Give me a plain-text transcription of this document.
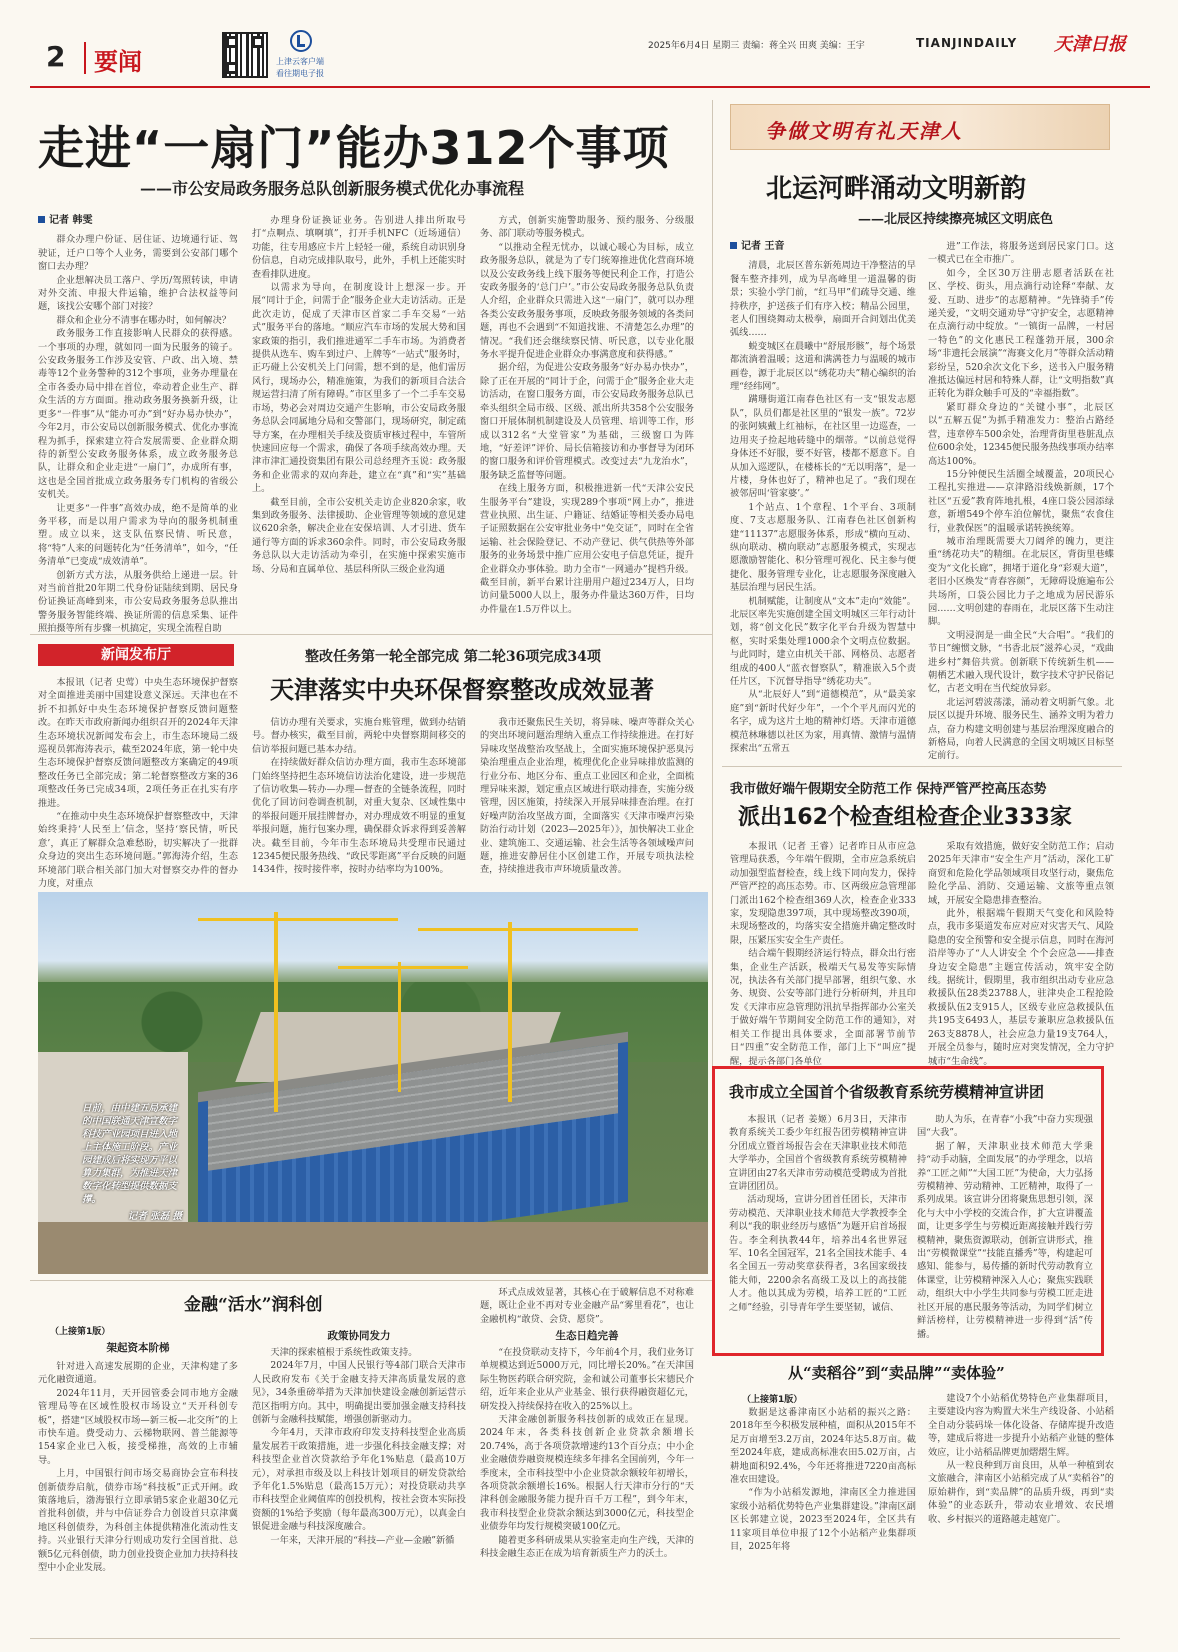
2 要闻	上津云客户端
看往期电子报
2025年6月4日 星期三 责编：蒋全兴 田爽 美编：王宇	TIANJINDAILY 天津日报
走进“一扇门”能办312个事项
——市公安局政务服务总队创新服务模式优化办事流程
记者 韩雯

群众办理户份证、居住证、边境通行证、驾驶证，迁户口等个人业务，需要到公安部门哪个窗口去办理？

企业想解决员工落户、学历/驾照转读，申请对外交流、申报大件运输，维护合法权益等问题，该找公安哪个部门对接？

群众和企业分不清事在哪办时，如何解决？

政务服务工作直接影响人民群众的获得感。一个事项的办理，就如同一面为民服务的镜子。公安政务服务工作涉及安管、户政、出入境、禁毒等12个业务警种的312个事项，业务办理量在全市各委办局中排在首位，牵动着企业生产、群众生活的方方面面。推动政务服务换新升级，让更多“一件事”从“能办可办”到“好办易办快办”，今年2月，市公安局以创新服务模式、优化办事流程为抓手，探索建立符合发展需要、企业群众期待的新型公安政务服务体系，成立政务服务总队，让群众和企业走进“一扇门”，办成所有事，这也是全国首批成立政务服务专门机构的省级公安机关。

让更多“一件事”高效办成，绝不是简单的业务平移，而是以用户需求为导向的服务机制重塑。成立以来，这支队伍察民情、听民意，将“特”人来的问题转化为“任务清单”，如今，“任务清单”已变成“成效清单”。

创新方式方法，从服务供给上递进一层。针对当前首批20年期二代身份证陆续到期、居民身份证换证高峰到来，市公安局政务服务总队推出警务服务智能终端、换证所需的信息采集、证件照拍摄等所有步骤一机搞定，实现全流程自助

办理身份证换证业务。告别进人排出所取号打“点啊点、填啊填”，打开手机NFC（近场通信）功能，往专用感应卡片上轻轻一碰，系统自动识别身份信息，自动完成排队取号，此外，手机上还能实时查看排队进度。

以需求为导向，在制度设计上想深一步。开展“同计于企，问需于企”服务企业大走访活动。正是此次走访，促成了天津市区首家二手车交易“一站式”服务平台的落地。“顺应汽车市场的发展大势和国家政策的指引，我们推进通军二手车市场。为消费者提供从选车、购车到过户、上牌等“一站式”服务时，正巧碰上公安机关上门问需，想不到的是，他们雷厉风行，现场办公，精准施策，为我们的新项目合法合规运营扫清了所有障碍。”市区里多了一个二手车交易市场，势必会对周边交通产生影响，市公安局政务服务总队会同属地分局和交警部门，现场研究，制定疏导方案，在办理相关手续及资质审核过程中，车管所快速回应每一个需求，确保了各项手续高效办理。天津市津汇通投资集团有限公司总经理齐玉说：政务服务和企业需求的双向奔赴，建立在“真”和“实”基础上。

截至目前，全市公安机关走访企业820余家，收集到政务服务、法律援助、企业管理等领域的意见建议620余条，解决企业在安保培训、人才引进、货车通行等方面的诉求360余件。同时，市公安局政务服务总队以大走访活动为牵引，在实施中探索实施市场、分局和直属单位、基层科所队三级企业沟通

方式，创新实施警助服务、预约服务、分级服务、部门联动等服务模式。

“以推动全程无忧办，以诚心暖心为目标，成立政务服务总队，就是为了专门统筹推进优化营商环境以及公安政务线上线下服务等便民利企工作，打造公安政务服务的‘总门户’。”市公安局政务服务总队负责人介绍，企业群众只需进入这“一扇门”，就可以办理各类公安政务服务事项，反映政务服务领域的各类问题，再也不会遇到“不知道找谁、不清楚怎么办理”的情况。“我们还会继续察民情、听民意，以专业化服务水平提升促进企业群众办事满意度和获得感。”

据介绍，为促进公安政务服务“好办易办快办”，除了正在开展的“同计于企，问需于企”服务企业大走访活动，在窗口服务方面，市公安局政务服务总队已牵头组织全局市级、区级、派出所共358个公安服务窗口开展体制机制建设及人员管理、培训等工作，形成以312名“大堂管家”为基础，三级窗口为阵地，“好差评”评价、局长信箱接访和办事督导为闭环的窗口服务和评价管理模式。改变过去“九龙治水”，服务缺乏监督等问题。

在线上服务方面，积极推进新一代“天津公安民生服务平台”建设，实现289个事项“网上办”，推进营业执照、出生证、户籍证、结婚证等相关委办局电子证照数据在公安审批业务中“免交证”，同时在全省运输、社会保险登记、不动产登记、供气供热等外部服务的业务场景中推广应用公安电子信息凭证，提升企业群众办事体验。助力全市“一网通办”提档升级。截至目前，新平台累计注册用户超过234万人，日均访问量5000人以上，服务办件量达360万件，日均办件量在1.5万件以上。

争做文明有礼天津人
北运河畔涌动文明新韵
——北辰区持续擦亮城区文明底色
记者 王音

清晨，北辰区普东新苑周边干净整洁的早餐车整齐排列，成为早高峰里一道温馨的街景；实验小学门前，“红马甲”们疏导交通、维持秩序，护送孩子们有序入校；精品公园里，老人们围绕舞动太极拳，扇面开合间划出优美弧线……

蜕变城区在晨曦中“舒展形骸”，每个场景都流淌着温暖；这道和满满苍力与温暖的城市画卷，源于北辰区以“绣花功夫”精心编织的治理“经纬网”。

蹒珊街道江南春色社区有一支“银发志愿队”，队员们都是社区里的“银发一族”。72岁的张阿姨戴上红袖标，在社区里一边巡查，一边用夹子捡起地砖缝中的烟蒂。“以前总觉得身体还不好服，要不好管，楼都不愿意下。自从加入巡逻队，在楼栋长的“无以明落”，是一片楼，身体也好了，精神也足了。“我们现在被邻居叫‘管家婆’。”

1个站点、1个章程、1个平台、3项制度、7支志愿服务队、江南春色社区创新构建“11137”志愿服务体系，形成“横向互动、纵向联动、横向联动”志愿服务模式，实现志愿激励智能化、积分管理可视化、民主参与便捷化、服务管理专业化，让志愿服务深度融入基层治理与居民生活。

机制赋能，让制度从“文本”走向“效能”。北辰区率先实施创建全国文明城区三年行动计划，将“创文化民”数字化平台升级为智慧中枢，实时采集处理1000余个文明点位数据。与此同时，建立由机关干部、网格员、志愿者组成的400人“蓝衣督察队”，精准嵌入5个责任片区，下沉督导指导“绣花功夫”。

从“北辰好人”到“道德模范”，从“最美家庭”到“新时代好少年”，一个个平凡而闪光的名字，成为这片土地的精神灯塔。天津市道德模范林琳德以社区为家，用真情、激情与温情探索出“五常五

进”工作法，将服务送到居民家门口。这一模式已在全市推广。

如今，全区30万注册志愿者活跃在社区、学校、街头，用点滴行动诠释“奉献、友爱、互助、进步”的志愿精神。“先锋骑手”传递关爱，“文明交通劝导”守护安全，志愿精神在点滴行动中绽放。“一镇街一品牌，一村居一特色”的文化惠民工程蓬勃开展，300余场“非遗托会展演”“海赛文化月”等群众活动精彩纷呈，520余次文化下乡，送书入户服务精准抵达偏远村居和特殊人群，让“文明指数”真正转化为群众触手可及的“幸福指数”。

紧盯群众身边的“关键小事”，北辰区以“五解五促”为抓手精准发力：整治占路经营，违章停车500余处，治理背街里巷脏乱点位600余处，12345便民服务热线事项办结率高达100%。

15分钟便民生活圈全域覆盖，20项民心工程扎实推进——京津路沿线焕新颜，17个社区“五爱”教育阵地扎根，4座口袋公园添绿意，新增549个停车泊位解忧，聚焦“农食住行，业教保医”的温暖承诺转换统筹。

城市治理既需要大刀阔斧的魄力，更注重“绣花功夫”的精细。在北辰区，背街里巷蝶变为“文化长廊”，拥堵于道化身“彩观大道”，老旧小区焕发“青春容颜”，无障碍设施遍布公共场所，口袋公园比力子之地成为居民游乐园……文明创建的春雨在，北辰区落下生动注脚。

文明浸润是一曲全民“大合唱”。“我们的节日”缠惯文脉，“书香北辰”滋养心灵，“戏曲进乡村”舞倍共赏。创新联下传统新生机——朝栖艺术融入现代设计，数字技术守护民俗记忆，古老文明在当代绽放异彩。

北运河碧波荡漾，涌动着文明新气象。北辰区以提升环境、服务民生、涵养文明为着力点，奋力构建文明创建与基层治理深度融合的新格局，向着人民满意的全国文明城区目标坚定前行。

我市做好端午假期安全防范工作 保持严管严控高压态势
派出162个检查组检查企业333家

本报讯（记者 王睿）记者昨日从市应急管理局获悉，今年端午假期，全市应急系统启动加强型监督检查，线上线下同向发力，保持严管严控的高压态势。市、区两级应急管理部门派出162个检查组369人次，检查企业333家，发现隐患397项，其中现场整改390项，未现场整改的，均落实安全措施并确定整改时限，压紧压实安全生产责任。

结合端午假期经济运行特点，群众出行密集，企业生产活跃，极端天气易发等实际情况，执法各有关部门提早部署，组织气象、水务、规资、公安等部门进行分析研判，并且印发《天津市应急管理防汛抗旱指挥部办公室关于做好端午节期间安全防范工作的通知》，对相关工作提出具体要求，全面部署节前节日“四重”安全防范工作，部门上下“叫应”提醒，提示各部门各单位

采取有效措施，做好安全防范工作；启动2025年天津市“安全生产月”活动，深化工矿商贸和危险化学品领域项目攻坚行动，聚焦危险化学品、消防、交通运输、文旅等重点领域，开展安全隐患排查整治。

此外，根据端午假期天气变化和风险特点，我市多渠道发布应对应对灾害天气、风险隐患的安全预警和安全提示信息，同时在海河沿岸等办了“人人讲安全 个个会应急——排查身边安全隐患”主题宣传活动，筑牢安全防线。据统计，假期里，我市组织出动专业应急救援队伍28类23788人，驻津央企工程抢险救援队伍2支915人，区级专业应急救援队伍共195支6493人，基层专兼职应急救援队伍263支8878人，社会应急力量19支764人，开展全员参与，随时应对突发情况，全力守护城市“生命线”。

我市成立全国首个省级教育系统劳模精神宣讲团

本报讯（记者 姜姬）6月3日，天津市教育系统关工委少年红报告团劳模精神宣讲分团成立暨首场报告会在天津职业技术师范大学举办，全国首个省级教育系统劳模精神宣讲团由27名天津市劳动模范受聘成为首批宣讲团团员。

活动现场，宣讲分团首任团长，天津市劳动模范、天津职业技术师范大学教授李全利以“我的职业经历与感悟”为题开启首场报告。李全利执教44年，培养出4名世界冠军、10名全国冠军，21名全国技术能手、4名全国五一劳动奖章获得者，3名国家级技能大师，2200余名高级工及以上的高技能人才。他以其成为劳模，培养工匠的“工匠之师”经验，引导青年学生要坚韧，诚信、

助人为乐，在青春“小我”中奋力实现强国“大我”。

据了解，天津职业技术师范大学秉持“动手动脑，全面发展”的办学理念，以培养“工匠之师”“大国工匠”为使命，大力弘扬劳模精神、劳动精神、工匠精神，取得了一系列成果。该宣讲分团将聚焦思想引领，深化与大中小学校的交流合作，扩大宣讲覆盖面，让更多学生与劳模近距离接触并践行劳模精神，聚焦资源联动，创新宣讲形式，推出“劳模微课堂”“技能直播秀”等，构建起可感知、能参与，易传播的新时代劳动教育立体课堂，让劳模精神深入人心；聚焦实践联动，组织大中小学生共同参与劳模工匠走进社区开展的惠民服务等活动，为同学们树立鲜活榜样，让劳模精神进一步得到“活”传播。

新闻发布厅	整改任务第一轮全部完成 第二轮36项完成34项
天津落实中央环保督察整改成效显著

本报讯（记者 史莺）中央生态环境保护督察对全面推进美丽中国建设意义深远。天津也在不折不扣抓好中央生态环境保护督察反馈问题整改。在昨天市政府新闻办组织召开的2024年天津生态环境状况新闻发布会上，市生态环境局二级巡视员郭海涛表示，截至2024年底，第一轮中央生态环境保护督察反馈问题整改方案确定的49项整改任务已全部完成；第二轮督察整改方案的36项整改任务已完成34项，2项任务正在扎实有序推进。

“在推动中央生态环境保护督察整改中，天津始终秉持‘人民至上’信念，坚持‘察民情，听民意’，真正了解群众急难愁盼，切实解决了一批群众身边的突出生态环境问题。”郭海涛介绍，生态环境部门联合相关部门加大对督察交办件的督办力度，对重点

信访办理有关要求，实施台账管理，做到办结销号。督办核实，截至目前，两轮中央督察期间移交的信访举报问题已基本办结。

在持续做好群众信访办理方面，我市生态环境部门始终坚持把生态环境信访法治化建设，进一步规范了信访收集—转办—办理—督查的全链条流程，同时优化了回访问卷调查机制，对重大复杂、区域性集中的举报问题开展挂牌督办，对办理成效不明显的重复举报问题，施行包案办理，确保群众诉求得到妥善解决。截至目前，今年市生态环境局共受理市民通过12345便民服务热线、“政民零距离”平台反映的问题1434件，按时接件率，按时办结率均为100%。

我市还聚焦民生关切，将异味、噪声等群众关心的突出环境问题治理纳入重点工作持续推进。在打好异味攻坚战整治攻坚战上，全面实施环境保护恶臭污染治理重点企业治理，梳理优化企业异味排放监测的行业分布、地区分布、重点工业园区和企业，全面梳理异味来源，划定重点区域进行联动排查，实施分级管理，因区施策，持续深入开展异味排查治理。在打好噪声防治攻坚战方面，全面落实《天津市噪声污染防治行动计划（2023—2025年）》，加快解决工业企业、建筑施工、交通运输、社会生活等各领域噪声问题，推进安静居住小区创建工作，开展专项执法检查，持续推进我市声环境质量改善。

日前，由中建五局承建的中国联通天津宣数字科技产业园项目进入地上主体施工阶段。产业园建成后将实现万平以算力集群，为推进天津数字化转型提供数据支撑。
记者 张磊 摄
金融“活水”润科创

环式点成效显著，其核心在于破解信息不对称难题，既让企业不再对专业金融产品“雾里看花”，也让金融机构“敢贷、会贷、愿贷”。

（上接第1版）
架起资本阶梯
政策协同发力	生态日趋完善

针对进入高速发展期的企业，天津构建了多元化融资通道。

2024年11月，天开园管委会同市地方金融管理局等在区域性股权市场设立“天开科创专板”，搭建“区域股权市场—新三板—北交所”的上市快车道。费受动力、云梯物联网、普兰能源等154家企业已入板，接受梯推，高效的上市辅导。

上月，中国银行间市场交易商协会宣布科技创新债券启航，债券市场“科技板”正式开闸。政策落地后，渤海银行立即承销5家企业超30亿元首批科创债，并与中信证券合力创设首只京津冀地区科创债券，为科创主体提供精准化流动性支持。兴业银行天津分行则成功发行全国首批、总额5亿元科创债，助力创业投资企业加力扶持科技型中小企业发展。

天津的探索植根于系统性政策支持。

2024年7月，中国人民银行等4部门联合天津市人民政府发布《关于金融支持天津高质量发展的意见》，34条重磅举措为天津加快建设金融创新运营示范区指明方向。其中，明确提出要加强金融支持科技创新与金融科技赋能，增强创新驱动力。

今年4月，天津市政府印发支持科技型企业高质量发展若干政策措施，进一步强化科技金融支撑；对科技型企业首次贷款给予年化1%贴息（最高10万元），对承担市级及以上科技计划项目的研发贷款给予年化1.5%贴息（最高15万元）；对投贷联动共享市科技型企业阈值库的创投机构，按社会资本实际投资额的1%给予奖励（每年最高300万元），以真金白银促进金融与科技深度融合。

一年来，天津开展的“科技—产业—金融”新循

“在投贷联动支持下，今年前4个月，我们业务订单规模达到近5000万元，同比增长20%。”在天津国际生物医药联合研究院，金和诚公司董事长宋德民介绍，近年来企业从产业基金、银行获得融资超亿元，研发投入持续保持在收入的25%以上。

天津金融创新服务科技创新的成效正在显现。2024年末，各类科技创新企业贷款余额增长20.74%，高于各项贷款增速约13个百分点；中小企业金融债券融资规模连续多年排名全国前列，今年一季度末，全市科技型中小企业贷款余额较年初增长，各项贷款余额增长16%。根据人行天津市分行的“天津科创金融服务能力提升百千万工程”，到今年末，我市科技型企业贷款余额达到3000亿元，科技型企业债券年均发行规模突破100亿元。

随着更多科研成果从实验室走向生产线，天津的科技金融生态正在成为培育新质生产力的沃土。

从“卖稻谷”到“卖品牌”“卖体验”
（上接第1版）

数据是这番津南区小站稻的振兴之路：2018年至今积极发展种植，面积从2015年不足万亩增至3.2万亩，2024年达5.8万亩。截至2024年底，建成高标准农田5.02万亩，占耕地面积92.4%，今年还将推进7220亩高标准农田建设。

“作为小站稻发源地，津南区全力推进国家级小站稻优势特色产业集群建设。”津南区副区长郭建立说，2023至2024年，全区共有11家项目单位申报了12个小站稻产业集群项目，2025年将

建设7个小站稻优势特色产业集群项目，主要建设内容为购置大米生产线设备、小站稻全自动分装码垛一体化设备、存储库提升改造等，建成后将进一步提升小站稻产业链的整体效应，让小站稻品牌更加熠熠生辉。

从一粒良种到万亩良田，从单一种植到农文旅融合，津南区小站稻完成了从“卖稻谷”的原始耕作，到“卖品牌”的品质升级，再到“卖体验”的业态跃升，带动农业增效、农民增收、乡村振兴的道路越走越宽广。
